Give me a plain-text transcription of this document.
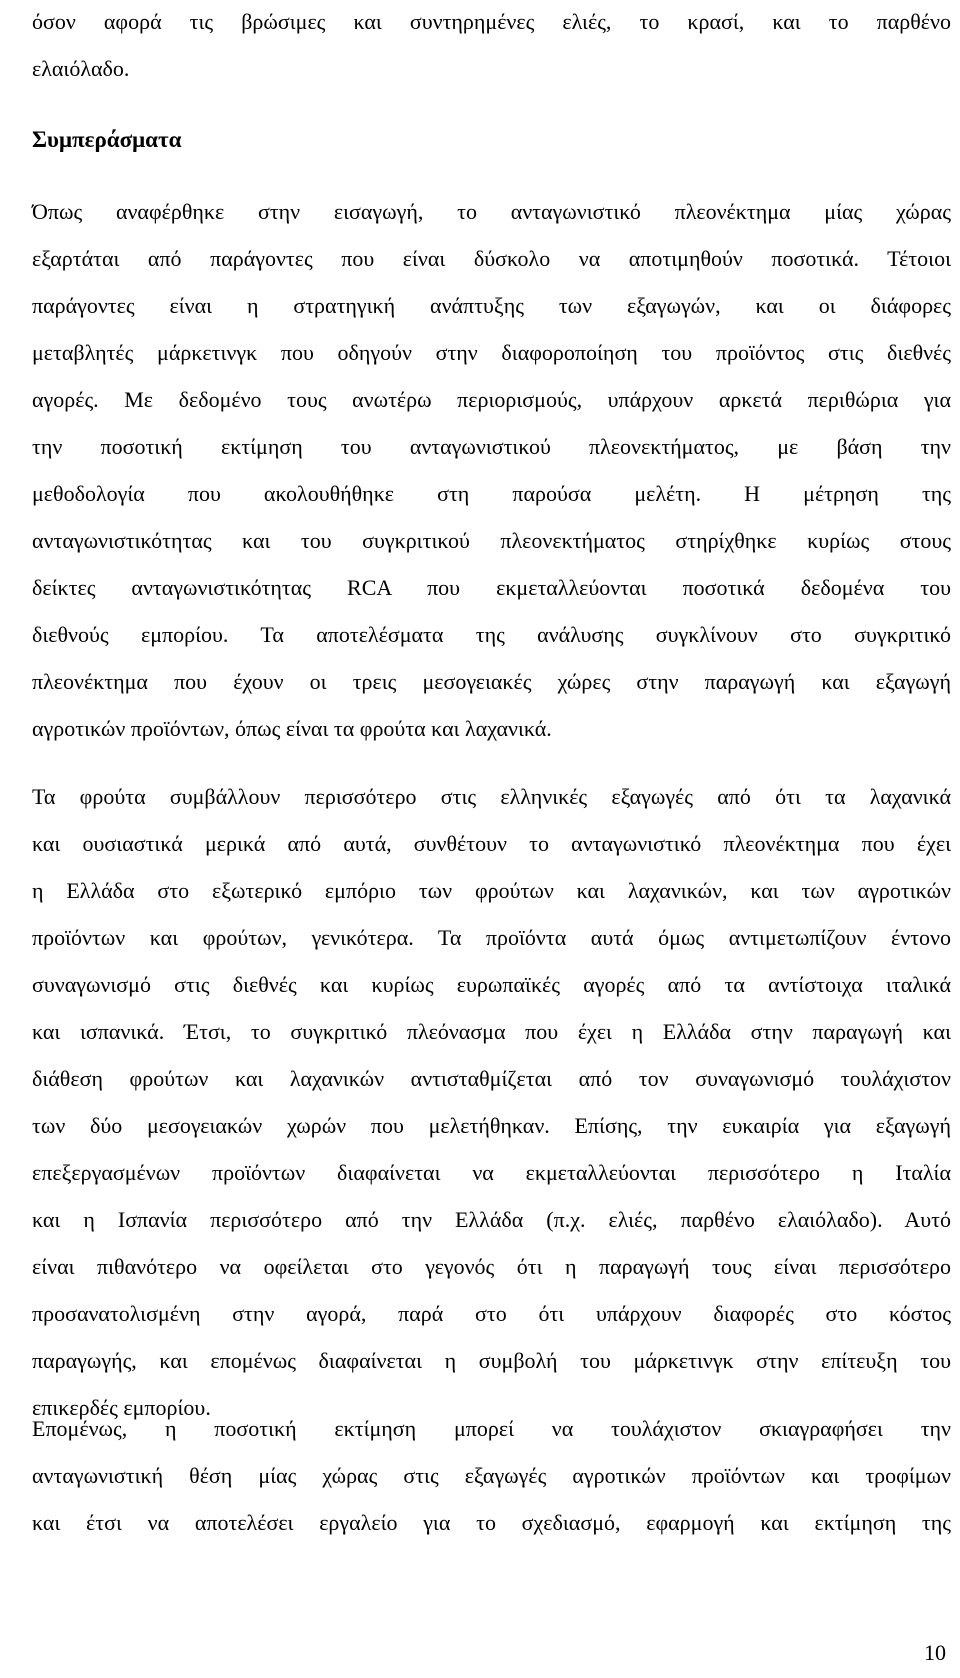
όσον αφορά τις βρώσιμες και συντηρημένες ελιές, το κρασί, και το παρθένο
ελαιόλαδο.
Συμπεράσματα
Όπως αναφέρθηκε στην εισαγωγή, το ανταγωνιστικό πλεονέκτημα μίας χώρας
εξαρτάται από παράγοντες που είναι δύσκολο να αποτιμηθούν ποσοτικά. Τέτοιοι
παράγοντες είναι η στρατηγική ανάπτυξης των εξαγωγών, και οι διάφορες
μεταβλητές μάρκετινγκ που οδηγούν στην διαφοροποίηση του προϊόντος στις διεθνές
αγορές. Με δεδομένο τους ανωτέρω περιορισμούς, υπάρχουν αρκετά περιθώρια για
την ποσοτική εκτίμηση του ανταγωνιστικού πλεονεκτήματος, με βάση την
μεθοδολογία που ακολουθήθηκε στη παρούσα μελέτη. Η μέτρηση της
ανταγωνιστικότητας και του συγκριτικού πλεονεκτήματος στηρίχθηκε κυρίως στους
δείκτες ανταγωνιστικότητας RCA που εκμεταλλεύονται ποσοτικά δεδομένα του
διεθνούς εμπορίου. Τα αποτελέσματα της ανάλυσης συγκλίνουν στο συγκριτικό
πλεονέκτημα που έχουν οι τρεις μεσογειακές χώρες στην παραγωγή και εξαγωγή
αγροτικών προϊόντων, όπως είναι τα φρούτα και λαχανικά.
Τα φρούτα συμβάλλουν περισσότερο στις ελληνικές εξαγωγές από ότι τα λαχανικά
και ουσιαστικά μερικά από αυτά, συνθέτουν το ανταγωνιστικό πλεονέκτημα που έχει
η Ελλάδα στο εξωτερικό εμπόριο των φρούτων και λαχανικών, και των αγροτικών
προϊόντων και φρούτων, γενικότερα. Τα προϊόντα αυτά όμως αντιμετωπίζουν έντονο
συναγωνισμό στις διεθνές και κυρίως ευρωπαϊκές αγορές από τα αντίστοιχα ιταλικά
και ισπανικά. Έτσι, το συγκριτικό πλεόνασμα που έχει η Ελλάδα στην παραγωγή και
διάθεση φρούτων και λαχανικών αντισταθμίζεται από τον συναγωνισμό τουλάχιστον
των δύο μεσογειακών χωρών που μελετήθηκαν. Επίσης, την ευκαιρία για εξαγωγή
επεξεργασμένων προϊόντων διαφαίνεται να εκμεταλλεύονται περισσότερο η Ιταλία
και η Ισπανία περισσότερο από την Ελλάδα (π.χ. ελιές, παρθένο ελαιόλαδο). Αυτό
είναι πιθανότερο να οφείλεται στο γεγονός ότι η παραγωγή τους είναι περισσότερο
προσανατολισμένη στην αγορά, παρά στο ότι υπάρχουν διαφορές στο κόστος
παραγωγής, και επομένως διαφαίνεται η συμβολή του μάρκετινγκ στην επίτευξη του
επικερδές εμπορίου.
Επομένως, η ποσοτική εκτίμηση μπορεί να τουλάχιστον σκιαγραφήσει την
ανταγωνιστική θέση μίας χώρας στις εξαγωγές αγροτικών προϊόντων και τροφίμων
και έτσι να αποτελέσει εργαλείο για το σχεδιασμό, εφαρμογή και εκτίμηση της
10
